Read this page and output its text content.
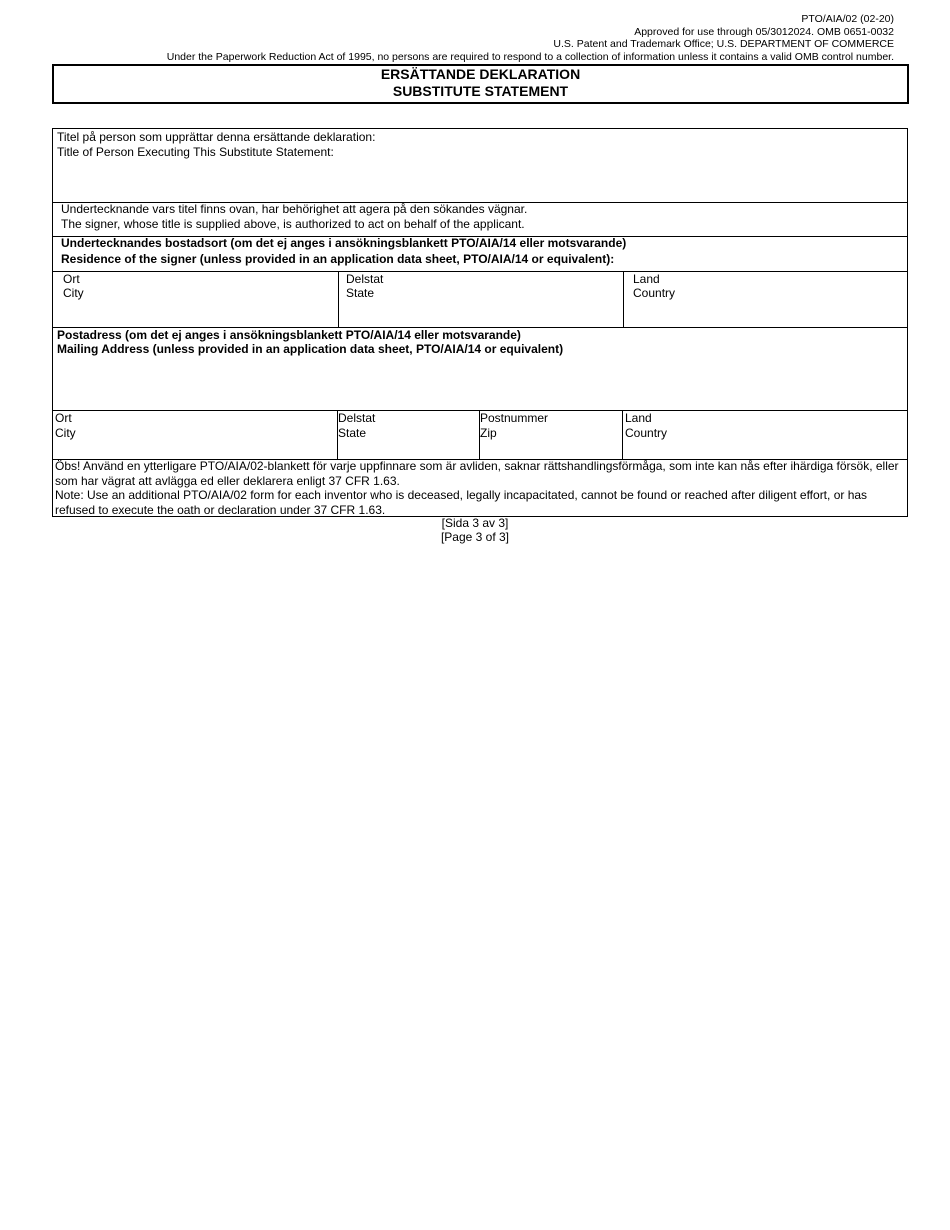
PTO/AIA/02 (02-20)
Approved for use through 05/3012024. OMB 0651-0032
U.S. Patent and Trademark Office; U.S. DEPARTMENT OF COMMERCE
Under the Paperwork Reduction Act of 1995, no persons are required to respond to a collection of information unless it contains a valid OMB control number.
ERSÄTTANDE DEKLARATION
SUBSTITUTE STATEMENT
Titel på person som upprättar denna ersättande deklaration:
Title of Person Executing This Substitute Statement:
Undertecknande vars titel finns ovan, har behörighet att agera på den sökandes vägnar.
The signer, whose title is supplied above, is authorized to act on behalf of the applicant.
Undertecknandes bostadsort (om det ej anges i ansökningsblankett PTO/AIA/14 eller motsvarande)
Residence of the signer (unless provided in an application data sheet, PTO/AIA/14 or equivalent):
Ort
City
Delstat
State
Land
Country
Postadress (om det ej anges i ansökningsblankett PTO/AIA/14 eller motsvarande)
Mailing Address (unless provided in an application data sheet, PTO/AIA/14 or equivalent)
Ort
City
Delstat
State
Postnummer
Zip
Land
Country
Öbs! Använd en ytterligare PTO/AIA/02-blankett för varje uppfinnare som är avliden, saknar rättshandlingsförmåga, som inte kan nås efter ihärdiga försök, eller som har vägrat att avlägga ed eller deklarera enligt 37 CFR 1.63.
Note: Use an additional PTO/AIA/02 form for each inventor who is deceased, legally incapacitated, cannot be found or reached after diligent effort, or has refused to execute the oath or declaration under 37 CFR 1.63.
[Sida 3 av 3]
[Page 3 of 3]
